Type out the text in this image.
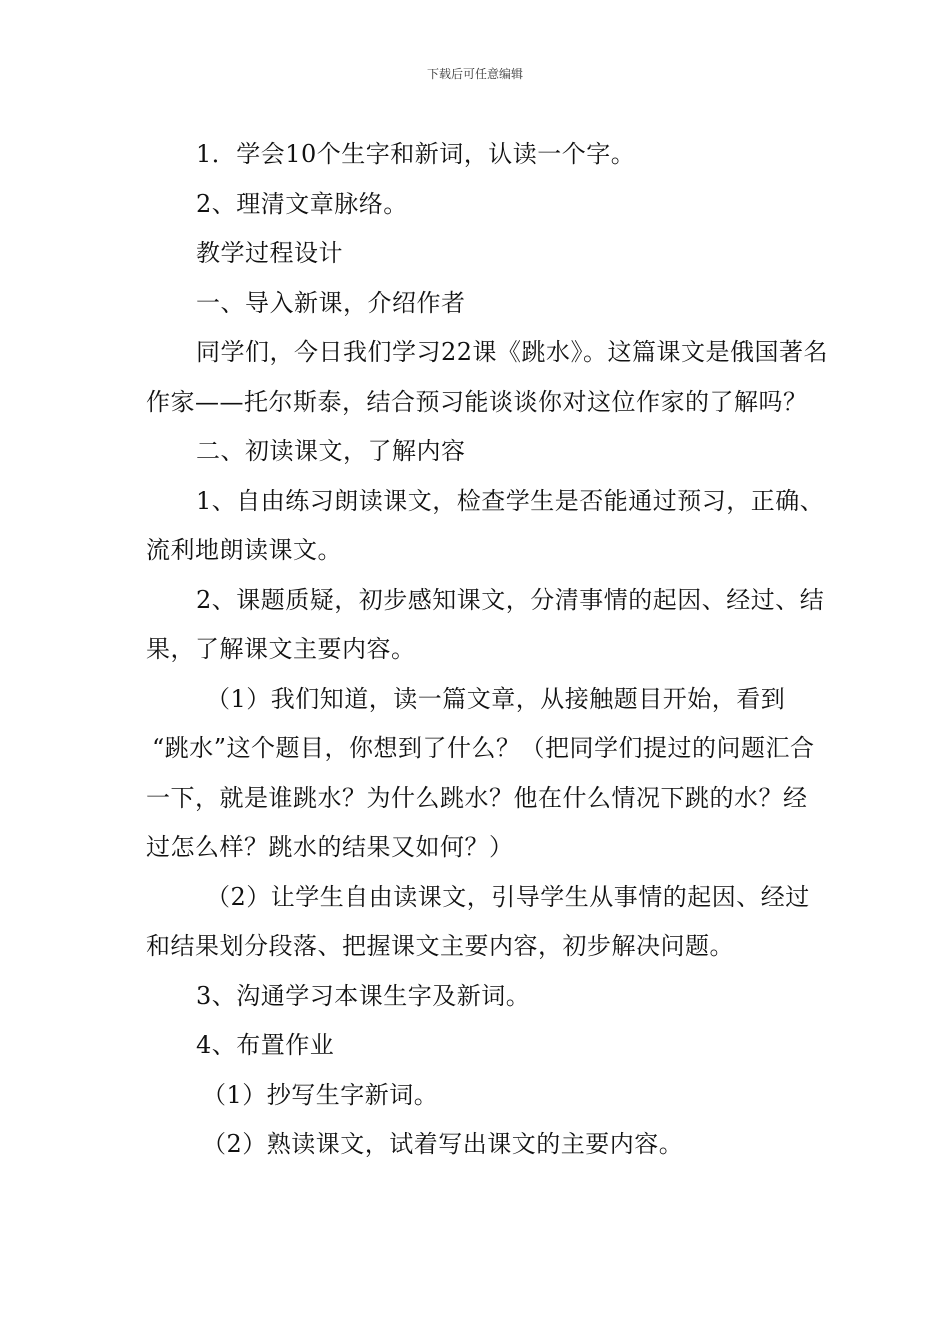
下载后可任意编辑

1．学会10个生字和新词，认读一个字。

2、理清文章脉络。

教学过程设计

一、导入新课，介绍作者

同学们，今日我们学习22课《跳水》。这篇课文是俄国著名作家——托尔斯泰，结合预习能谈谈你对这位作家的了解吗？

二、初读课文，了解内容

1、自由练习朗读课文，检查学生是否能通过预习，正确、流利地朗读课文。

2、课题质疑，初步感知课文，分清事情的起因、经过、结果，了解课文主要内容。

（1）我们知道，读一篇文章，从接触题目开始，看到

“跳水”这个题目，你想到了什么？（把同学们提过的问题汇合一下，就是谁跳水？为什么跳水？他在什么情况下跳的水？经过怎么样？跳水的结果又如何？）

（2）让学生自由读课文，引导学生从事情的起因、经过和结果划分段落、把握课文主要内容，初步解决问题。

3、沟通学习本课生字及新词。

4、布置作业

（1）抄写生字新词。

（2）熟读课文，试着写出课文的主要内容。
